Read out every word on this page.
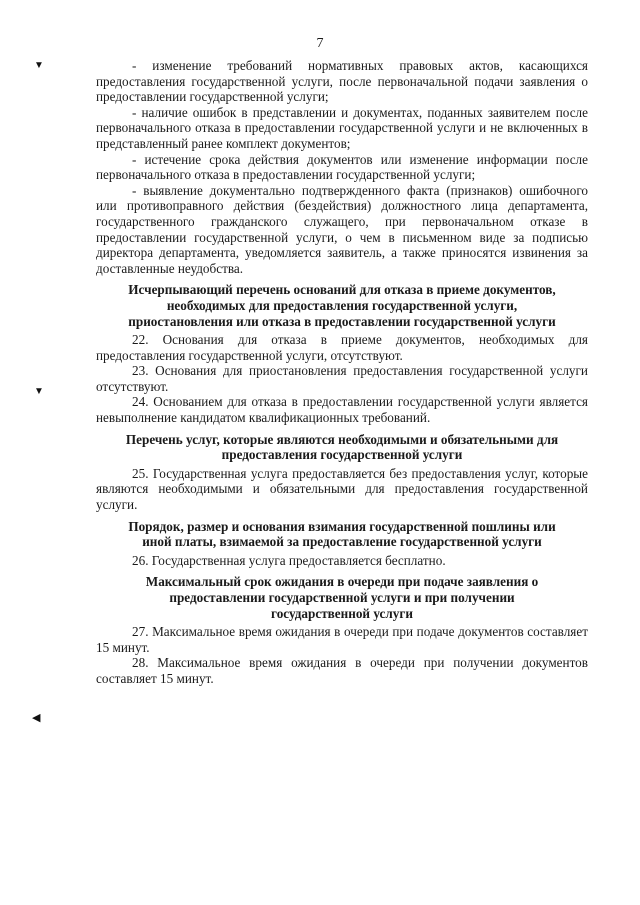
7
▼
▼
◀

- изменение требований нормативных правовых актов, касающихся предоставления государственной услуги, после первоначальной подачи заявления о предоставлении государственной услуги;

- наличие ошибок в представлении и документах, поданных заявителем после первоначального отказа в предоставлении государственной услуги и не включенных в представленный ранее комплект документов;

- истечение срока действия документов или изменение информации после первоначального отказа в предоставлении государственной услуги;

- выявление документально подтвержденного факта (признаков) ошибочного или противоправного действия (бездействия) должностного лица департамента, государственного гражданского служащего, при первоначальном отказе в предоставлении государственной услуги, о чем в письменном виде за подписью директора департамента, уведомляется заявитель, а также приносятся извинения за доставленные неудобства.

Исчерпывающий перечень оснований для отказа в приеме документов, необходимых для предоставления государственной услуги, приостановления или отказа в предоставлении государственной услуги

22. Основания для отказа в приеме документов, необходимых для предоставления государственной услуги, отсутствуют.

23. Основания для приостановления предоставления государственной услуги отсутствуют.

24. Основанием для отказа в предоставлении государственной услуги является невыполнение кандидатом квалификационных требований.

Перечень услуг, которые являются необходимыми и обязательными для предоставления государственной услуги

25. Государственная услуга предоставляется без предоставления услуг, которые являются необходимыми и обязательными для предоставления государственной услуги.

Порядок, размер и основания взимания государственной пошлины или иной платы, взимаемой за предоставление государственной услуги

26. Государственная услуга предоставляется бесплатно.

Максимальный срок ожидания в очереди при подаче заявления о предоставлении государственной услуги и при получении государственной услуги

27. Максимальное время ожидания в очереди при подаче документов составляет 15 минут.

28. Максимальное время ожидания в очереди при получении документов составляет 15 минут.
